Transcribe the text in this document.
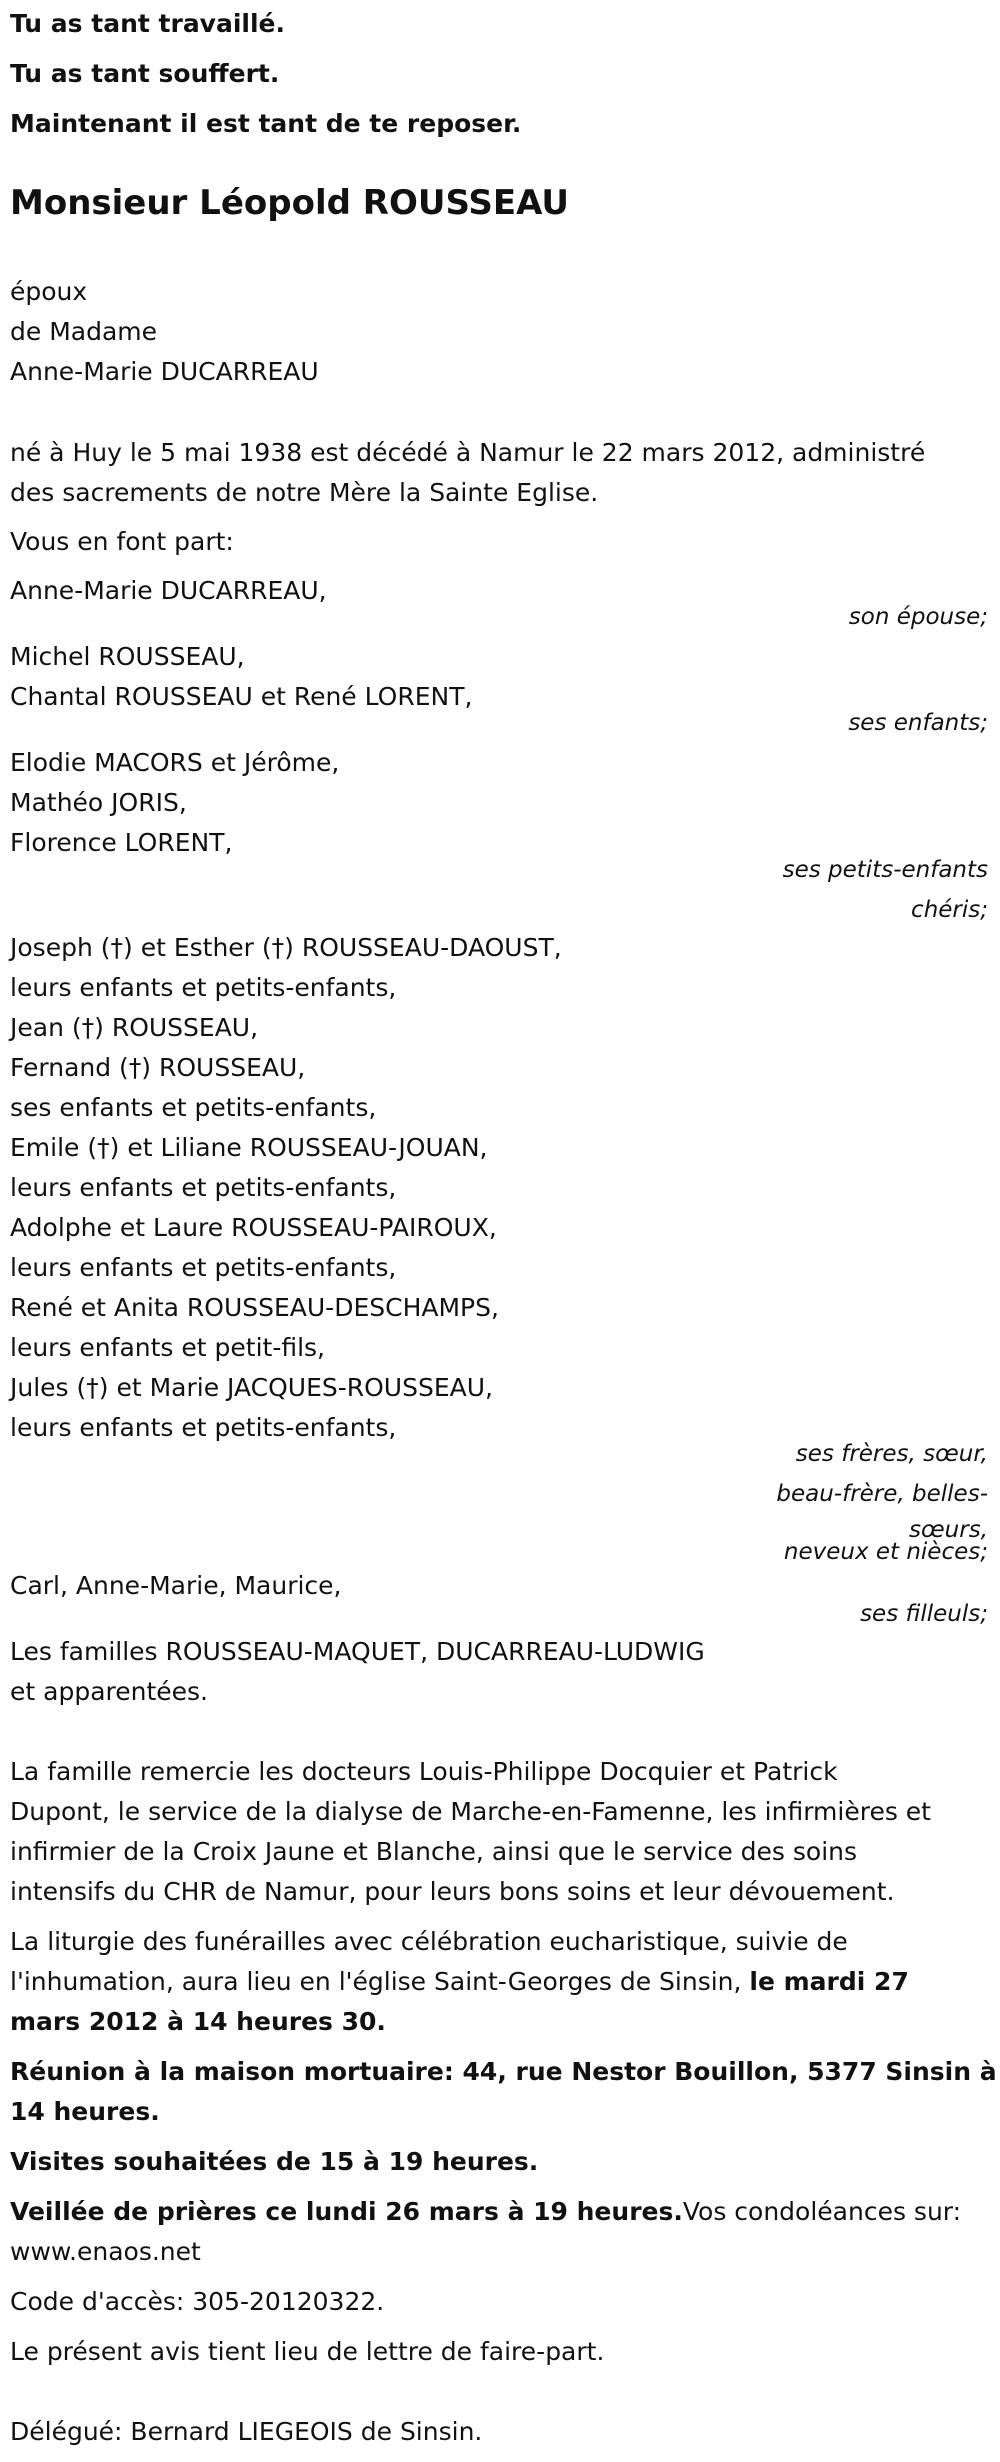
Tu as tant travaillé.
Tu as tant souffert.
Maintenant il est tant de te reposer.
Monsieur Léopold ROUSSEAU
époux
de Madame
Anne-Marie DUCARREAU
né à Huy le 5 mai 1938 est décédé à Namur le 22 mars 2012, administré
des sacrements de notre Mère la Sainte Eglise.
Vous en font part:
Anne-Marie DUCARREAU,
son épouse;
Michel ROUSSEAU,
Chantal ROUSSEAU et René LORENT,
ses enfants;
Elodie MACORS et Jérôme,
Mathéo JORIS,
Florence LORENT,
ses petits-enfants
chéris;
Joseph (†) et Esther (†) ROUSSEAU-DAOUST,
leurs enfants et petits-enfants,
Jean (†) ROUSSEAU,
Fernand (†) ROUSSEAU,
ses enfants et petits-enfants,
Emile (†) et Liliane ROUSSEAU-JOUAN,
leurs enfants et petits-enfants,
Adolphe et Laure ROUSSEAU-PAIROUX,
leurs enfants et petits-enfants,
René et Anita ROUSSEAU-DESCHAMPS,
leurs enfants et petit-fils,
Jules (†) et Marie JACQUES-ROUSSEAU,
leurs enfants et petits-enfants,
ses frères, sœur,
beau-frère, belles-
sœurs,
neveux et nièces;
Carl, Anne-Marie, Maurice,
ses filleuls;
Les familles ROUSSEAU-MAQUET, DUCARREAU-LUDWIG
et apparentées.
La famille remercie les docteurs Louis-Philippe Docquier et Patrick
Dupont, le service de la dialyse de Marche-en-Famenne, les infirmières et
infirmier de la Croix Jaune et Blanche, ainsi que le service des soins
intensifs du CHR de Namur, pour leurs bons soins et leur dévouement.
La liturgie des funérailles avec célébration eucharistique, suivie de
l'inhumation, aura lieu en l'église Saint-Georges de Sinsin, le mardi 27
mars 2012 à 14 heures 30.
Réunion à la maison mortuaire: 44, rue Nestor Bouillon, 5377 Sinsin à
14 heures.
Visites souhaitées de 15 à 19 heures.
Veillée de prières ce lundi 26 mars à 19 heures.Vos condoléances sur:
www.enaos.net
Code d'accès: 305-20120322.
Le présent avis tient lieu de lettre de faire-part.
Délégué: Bernard LIEGEOIS de Sinsin.
